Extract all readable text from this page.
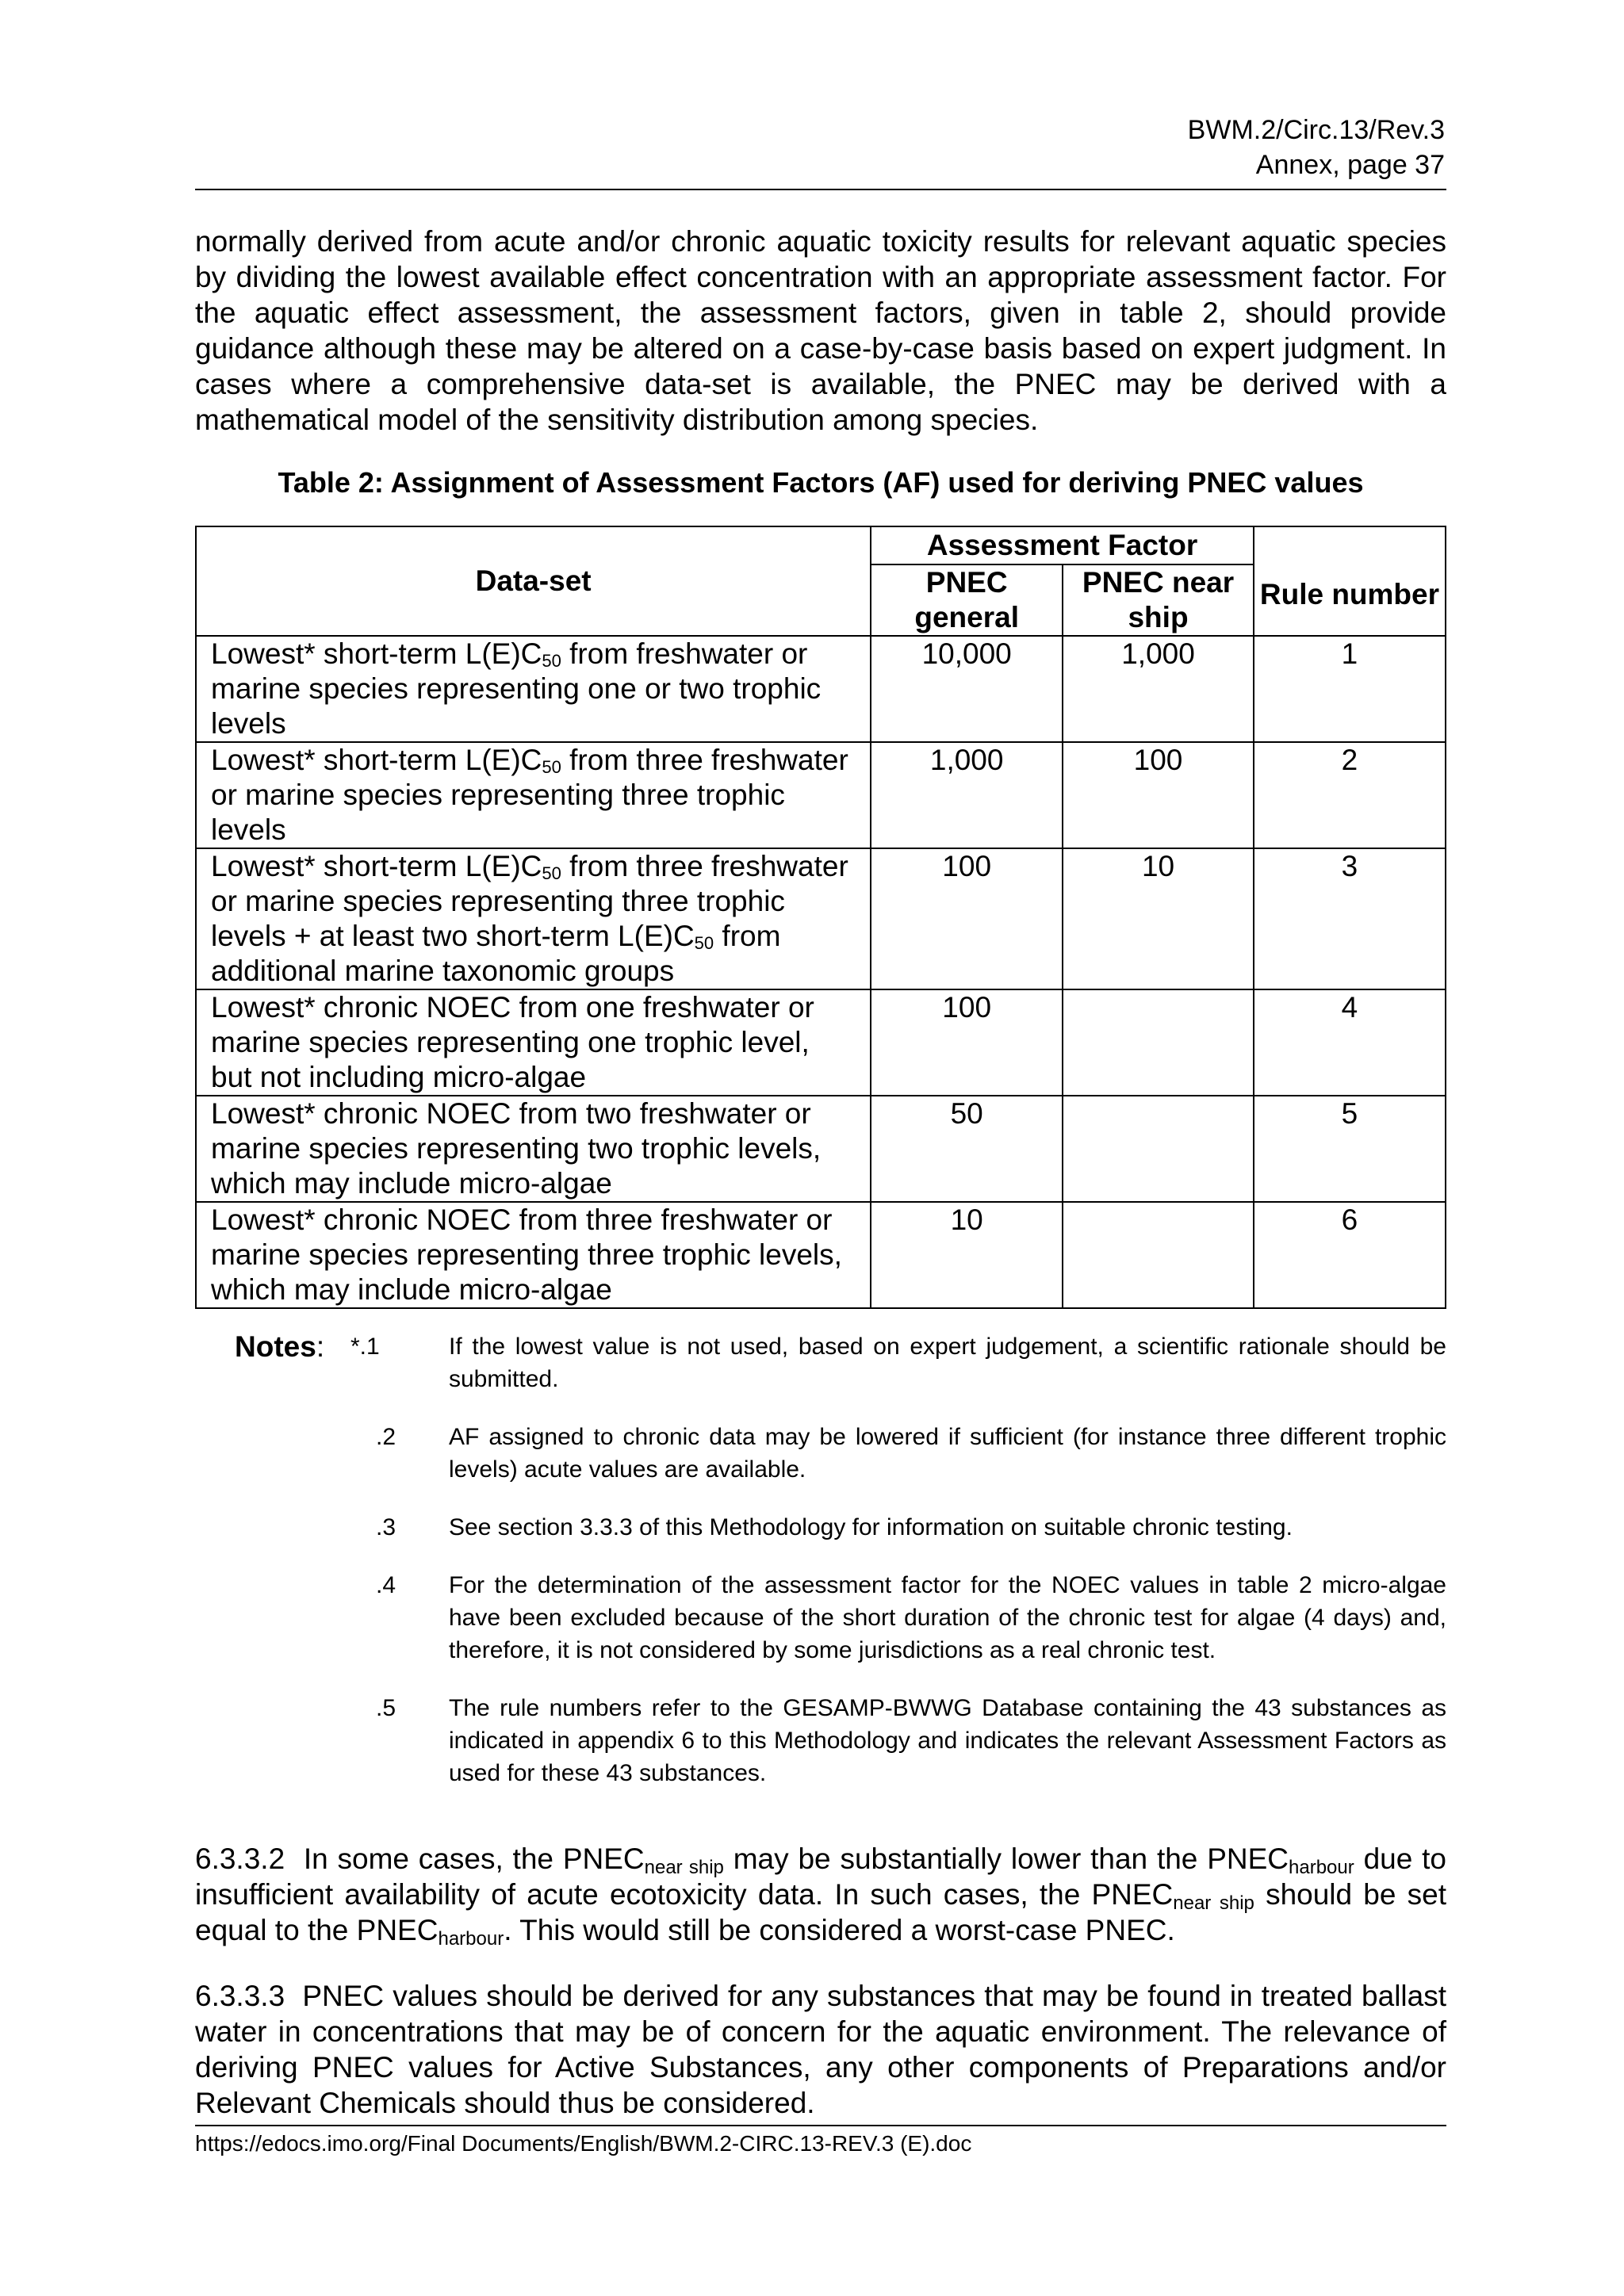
BWM.2/Circ.13/Rev.3
Annex, page 37
normally derived from acute and/or chronic aquatic toxicity results for relevant aquatic species by dividing the lowest available effect concentration with an appropriate assessment factor. For the aquatic effect assessment, the assessment factors, given in table 2, should provide guidance although these may be altered on a case-by-case basis based on expert judgment. In cases where a comprehensive data-set is available, the PNEC may be derived with a mathematical model of the sensitivity distribution among species.
Table 2: Assignment of Assessment Factors (AF) used for deriving PNEC values
Data-set	Assessment Factor		Rule number
	PNEC general	PNEC near ship	
Lowest* short-term $L(E)C_{50}$ from freshwater or marine species representing one or two trophic levels	10,000	1,000	1
Lowest* short-term $L(E)C_{50}$ from three freshwater or marine species representing three trophic levels	1,000	100	2
Lowest* short-term $L(E)C_{50}$ from three freshwater or marine species representing three trophic levels + at least two short-term $L(E)C_{50}$ from additional marine taxonomic groups	100	10	3
Lowest* chronic NOEC from one freshwater or marine species representing one trophic level, but not including micro-algae	100		4
Lowest* chronic NOEC from two freshwater or marine species representing two trophic levels, which may include micro-algae	50		5
Lowest* chronic NOEC from three freshwater or marine species representing three trophic levels, which may include micro-algae	10		6
Notes: *.1	If the lowest value is not used, based on expert judgement, a scientific rationale should be submitted.
.2 AF assigned to chronic data may be lowered if sufficient (for instance three different trophic levels) acute values are available.
.3 See section 3.3.3 of this Methodology for information on suitable chronic testing.
.4 For the determination of the assessment factor for the NOEC values in table 2 micro-algae have been excluded because of the short duration of the chronic test for algae (4 days) and, therefore, it is not considered by some jurisdictions as a real chronic test.
.5 The rule numbers refer to the GESAMP-BWWG Database containing the 43 substances as indicated in appendix 6 to this Methodology and indicates the relevant Assessment Factors as used for these 43 substances.
6.3.3.2 In some cases, the $PNEC_{near ship}$ may be substantially lower than the $PNEC_{harbour}$ due to insufficient availability of acute ecotoxicity data. In such cases, the $PNEC_{near ship}$ should be set equal to the $PNEC_{harbour}$. This would still be considered a worst-case PNEC.
6.3.3.3 PNEC values should be derived for any substances that may be found in treated ballast water in concentrations that may be of concern for the aquatic environment. The relevance of deriving PNEC values for Active Substances, any other components of Preparations and/or Relevant Chemicals should thus be considered.
https://edocs.imo.org/Final Documents/English/BWM.2-CIRC.13-REV.3 (E).doc
